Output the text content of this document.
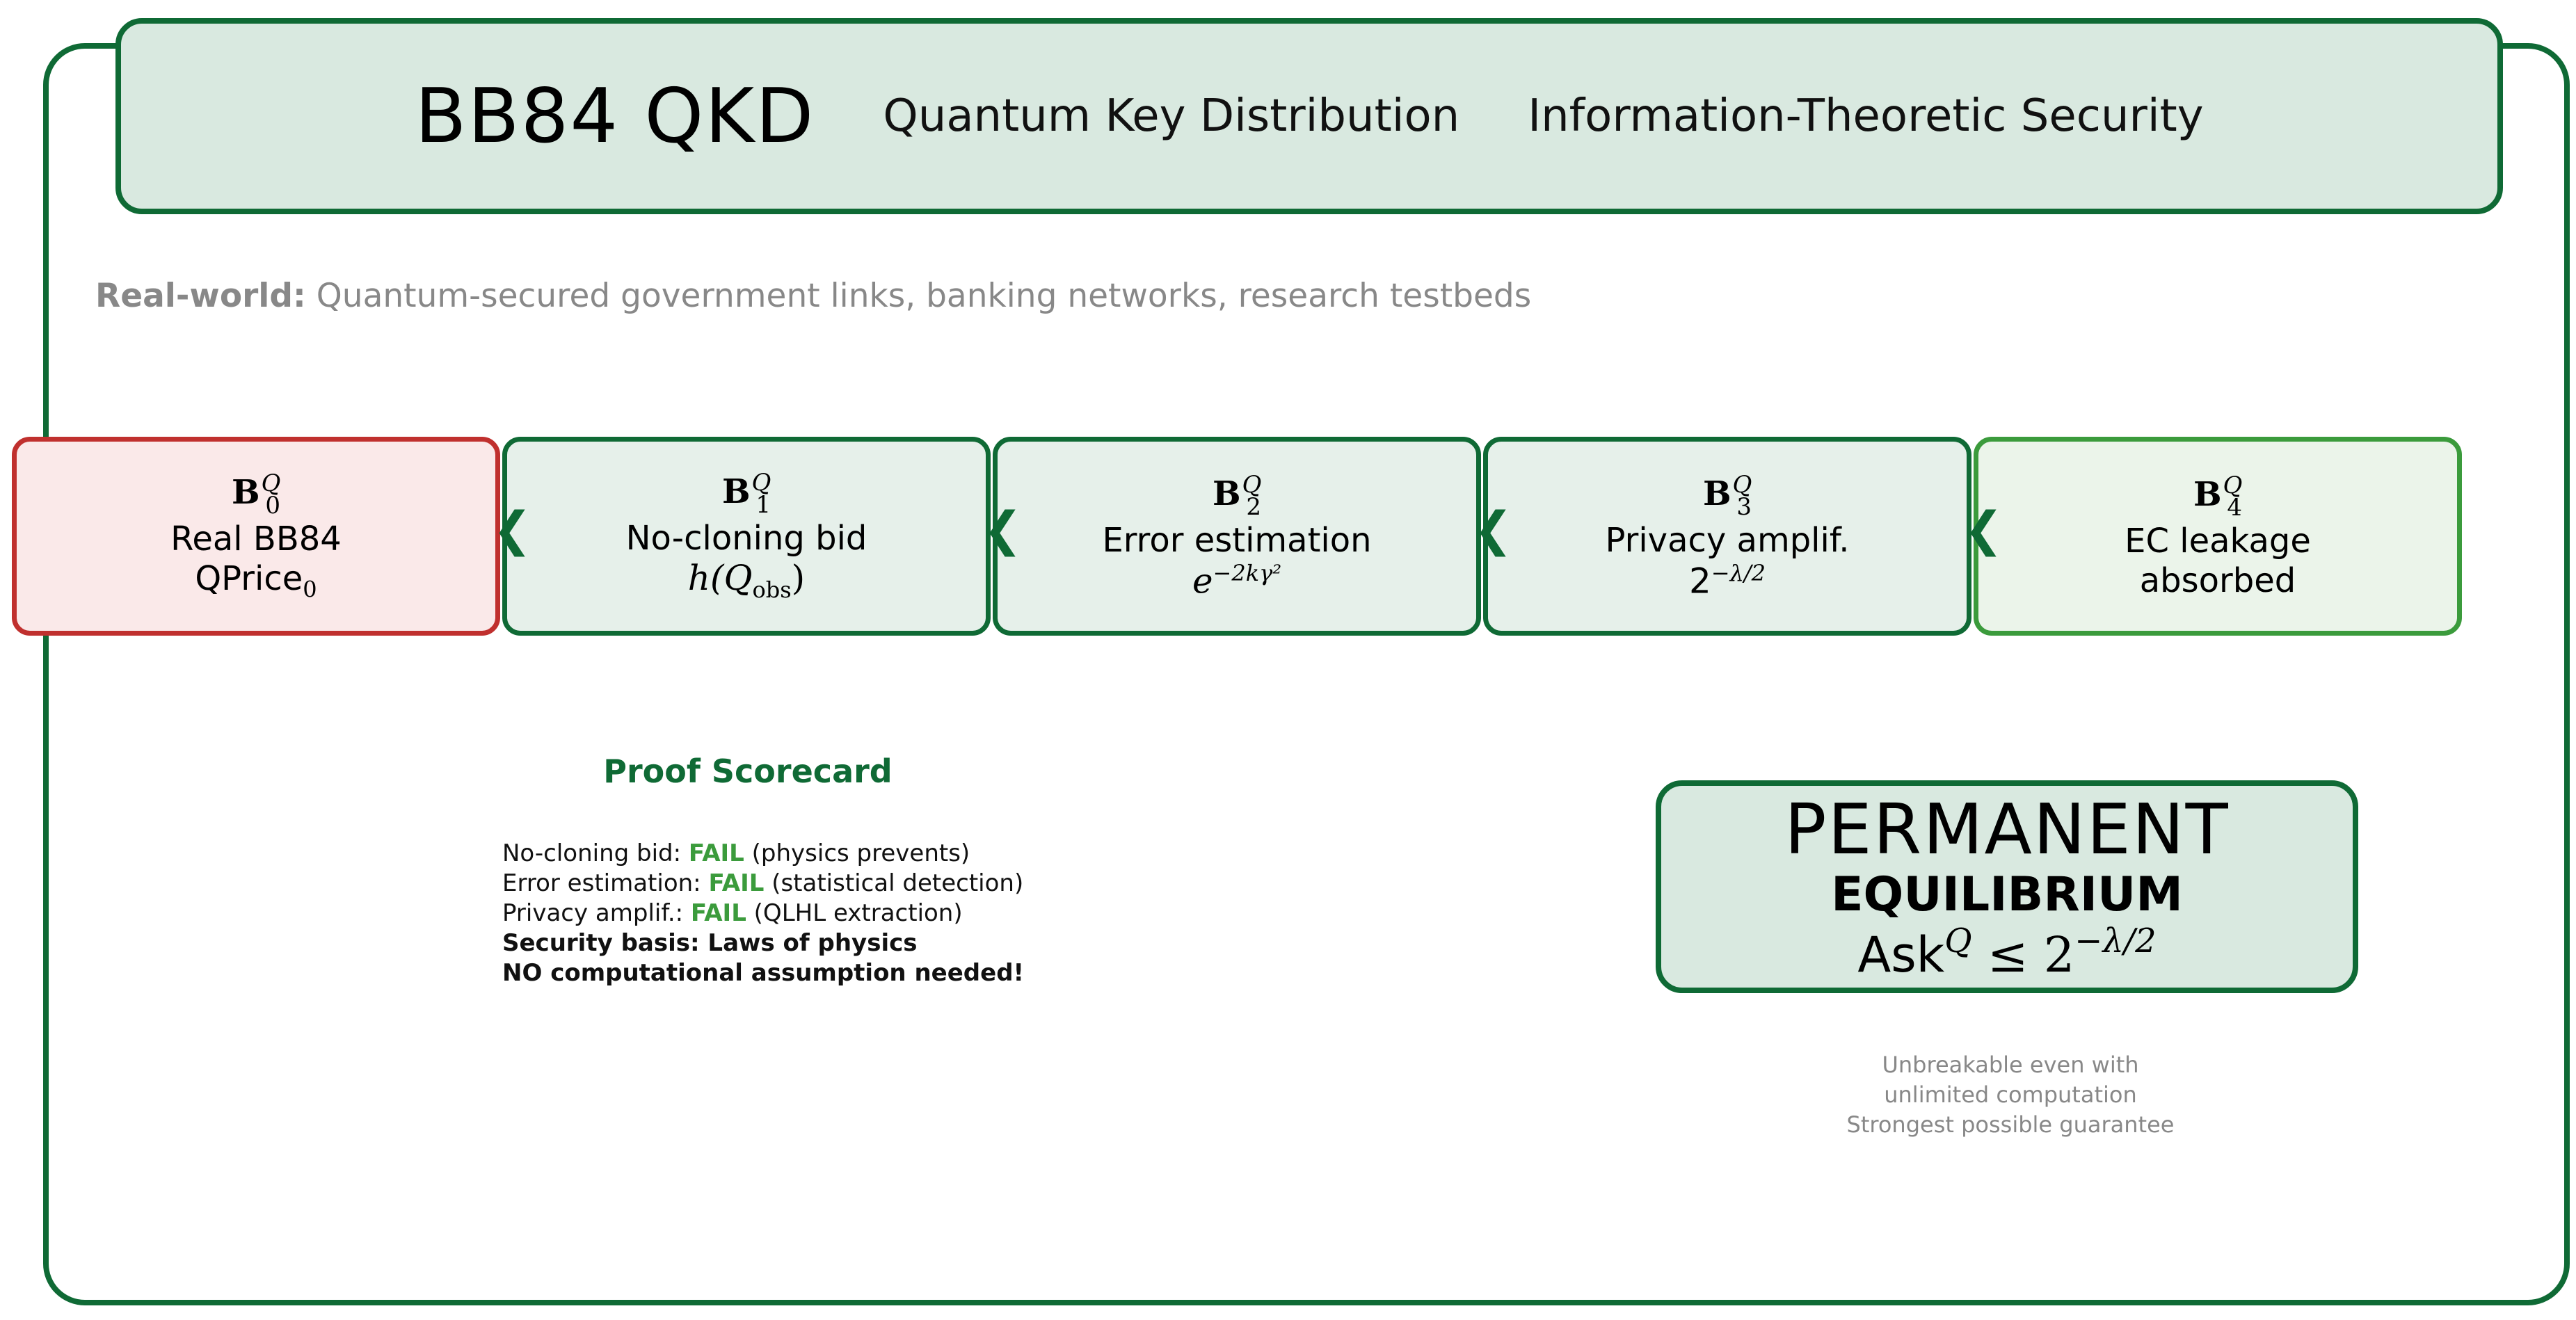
BB84 QKD Quantum Key Distribution Information-Theoretic Security
Real-world: Quantum-secured government links, banking networks, research testbeds
$B^Q_0$
Real BB84
QPrice$_0$
$B^Q_1$
No-cloning bid
$h(Q_{obs})$
$B^Q_2$
Error estimation
$e^{-2k\gamma^2}$
$B^Q_3$
Privacy amplif.
$2^{-\lambda/2}$
$B^Q_4$
EC leakage
absorbed
❮	❮	❮	❮
Proof Scorecard
No-cloning bid: FAIL (physics prevents)
Error estimation: FAIL (statistical detection)
Privacy amplif.: FAIL (QLHL extraction)
Security basis: Laws of physics
NO computational assumption needed!
PERMANENT
EQUILIBRIUM
$Ask^Q \le 2^{-\lambda/2}$
Unbreakable even with
unlimited computation
Strongest possible guarantee
